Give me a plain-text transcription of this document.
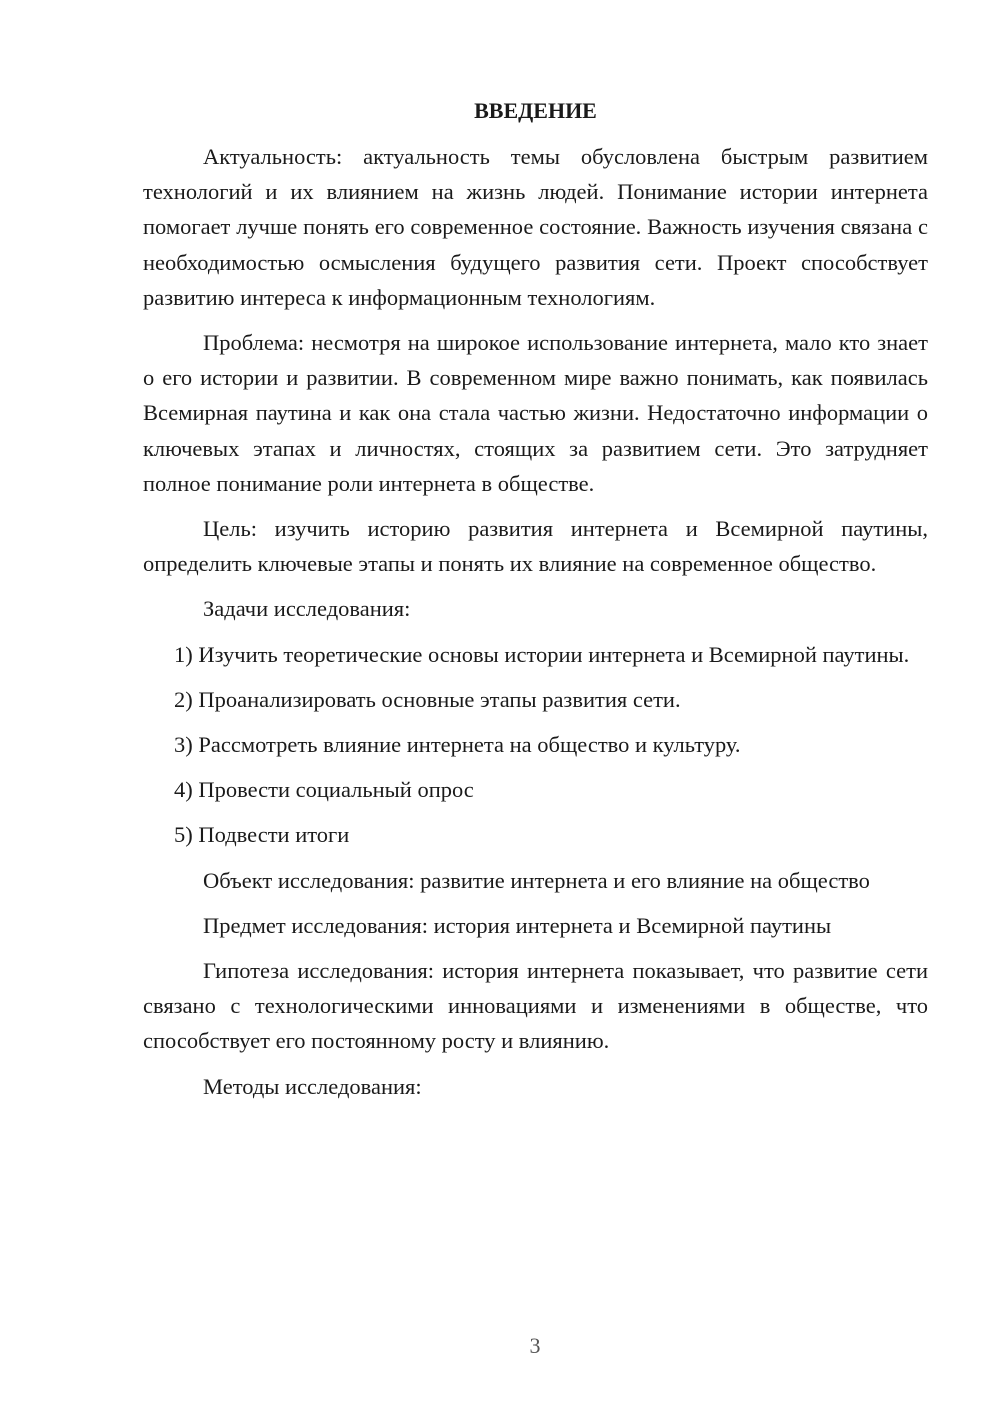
ВВЕДЕНИЕ

Актуальность: актуальность темы обусловлена быстрым развитием технологий и их влиянием на жизнь людей. Понимание истории интернета помогает лучше понять его современное состояние. Важность изучения связана с необходимостью осмысления будущего развития сети. Проект способствует развитию интереса к информационным технологиям.

Проблема: несмотря на широкое использование интернета, мало кто знает о его истории и развитии. В современном мире важно понимать, как появилась Всемирная паутина и как она стала частью жизни. Недостаточно информации о ключевых этапах и личностях, стоящих за развитием сети. Это затрудняет полное понимание роли интернета в обществе.

Цель: изучить историю развития интернета и Всемирной паутины, определить ключевые этапы и понять их влияние на современное общество.

Задачи исследования:

1) Изучить теоретические основы истории интернета и Всемирной паутины.

2) Проанализировать основные этапы развития сети.

3) Рассмотреть влияние интернета на общество и культуру.

4) Провести социальный опрос

5) Подвести итоги

Объект исследования: развитие интернета и его влияние на общество

Предмет исследования: история интернета и Всемирной паутины

Гипотеза исследования: история интернета показывает, что развитие сети связано с технологическими инновациями и изменениями в обществе, что способствует его постоянному росту и влиянию.

Методы исследования:

3
